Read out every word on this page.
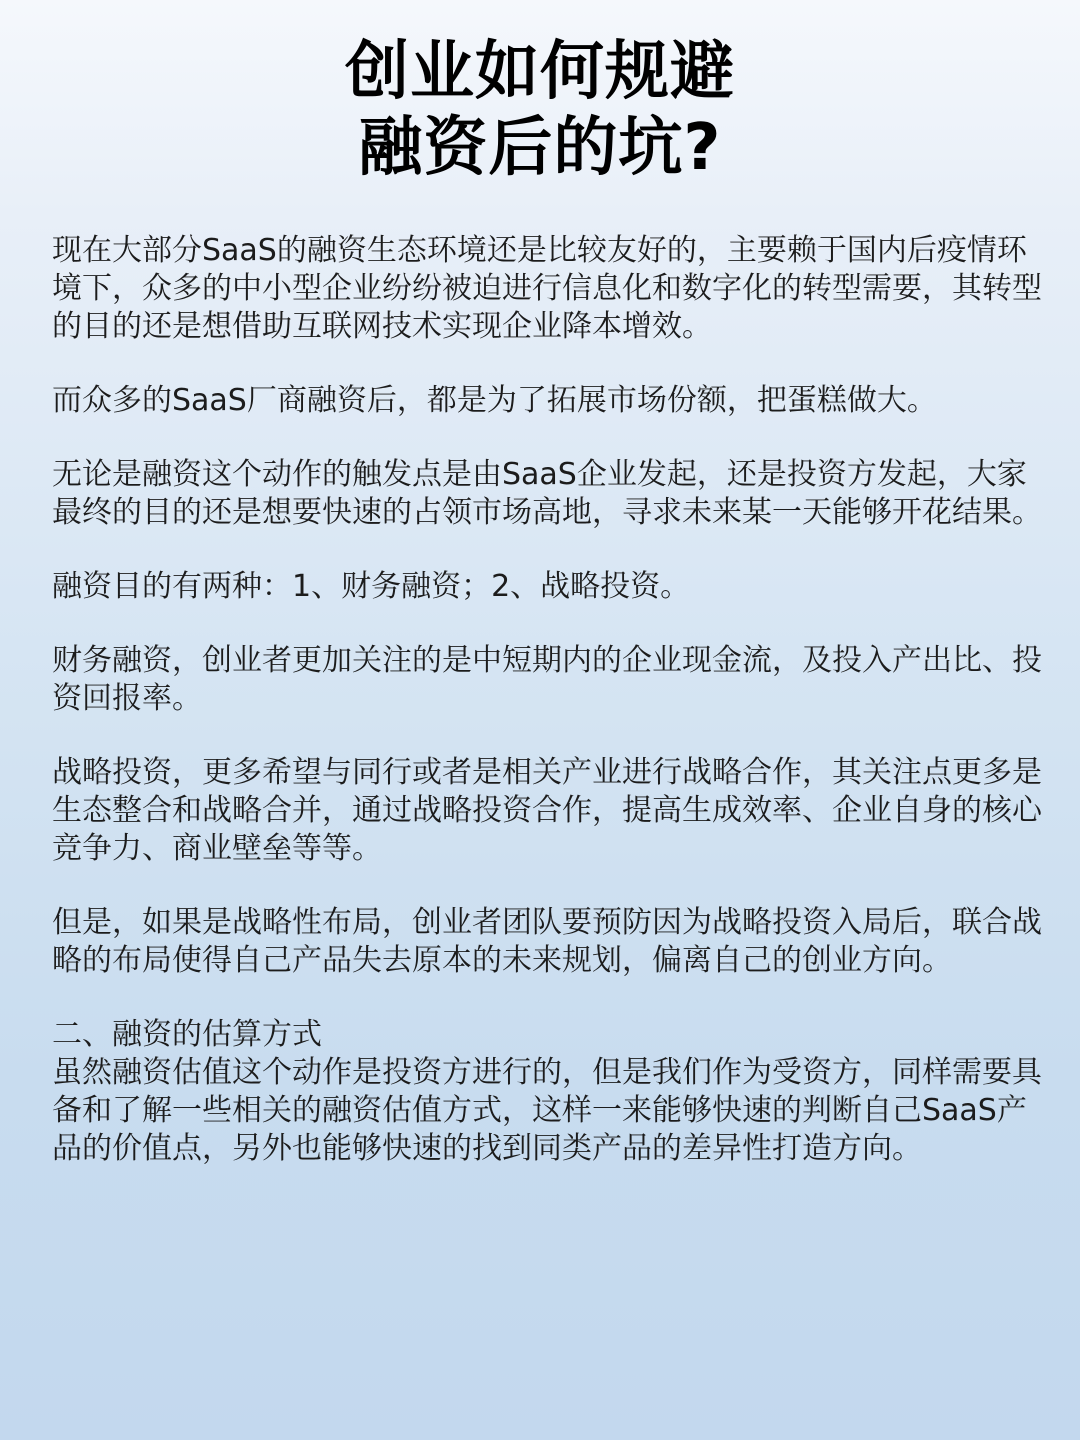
创业如何规避
融资后的坑?

现在大部分SaaS的融资生态环境还是比较友好的，主要赖于国内后疫情环境下，众多的中小型企业纷纷被迫进行信息化和数字化的转型需要，其转型的目的还是想借助互联网技术实现企业降本增效。

而众多的SaaS厂商融资后，都是为了拓展市场份额，把蛋糕做大。

无论是融资这个动作的触发点是由SaaS企业发起，还是投资方发起，大家最终的目的还是想要快速的占领市场高地，寻求未来某一天能够开花结果。

融资目的有两种：1、财务融资；2、战略投资。

财务融资，创业者更加关注的是中短期内的企业现金流，及投入产出比、投资回报率。

战略投资，更多希望与同行或者是相关产业进行战略合作，其关注点更多是生态整合和战略合并，通过战略投资合作，提高生成效率、企业自身的核心竞争力、商业壁垒等等。

但是，如果是战略性布局，创业者团队要预防因为战略投资入局后，联合战略的布局使得自己产品失去原本的未来规划，偏离自己的创业方向。

二、融资的估算方式

虽然融资估值这个动作是投资方进行的，但是我们作为受资方，同样需要具备和了解一些相关的融资估值方式，这样一来能够快速的判断自己SaaS产品的价值点，另外也能够快速的找到同类产品的差异性打造方向。
